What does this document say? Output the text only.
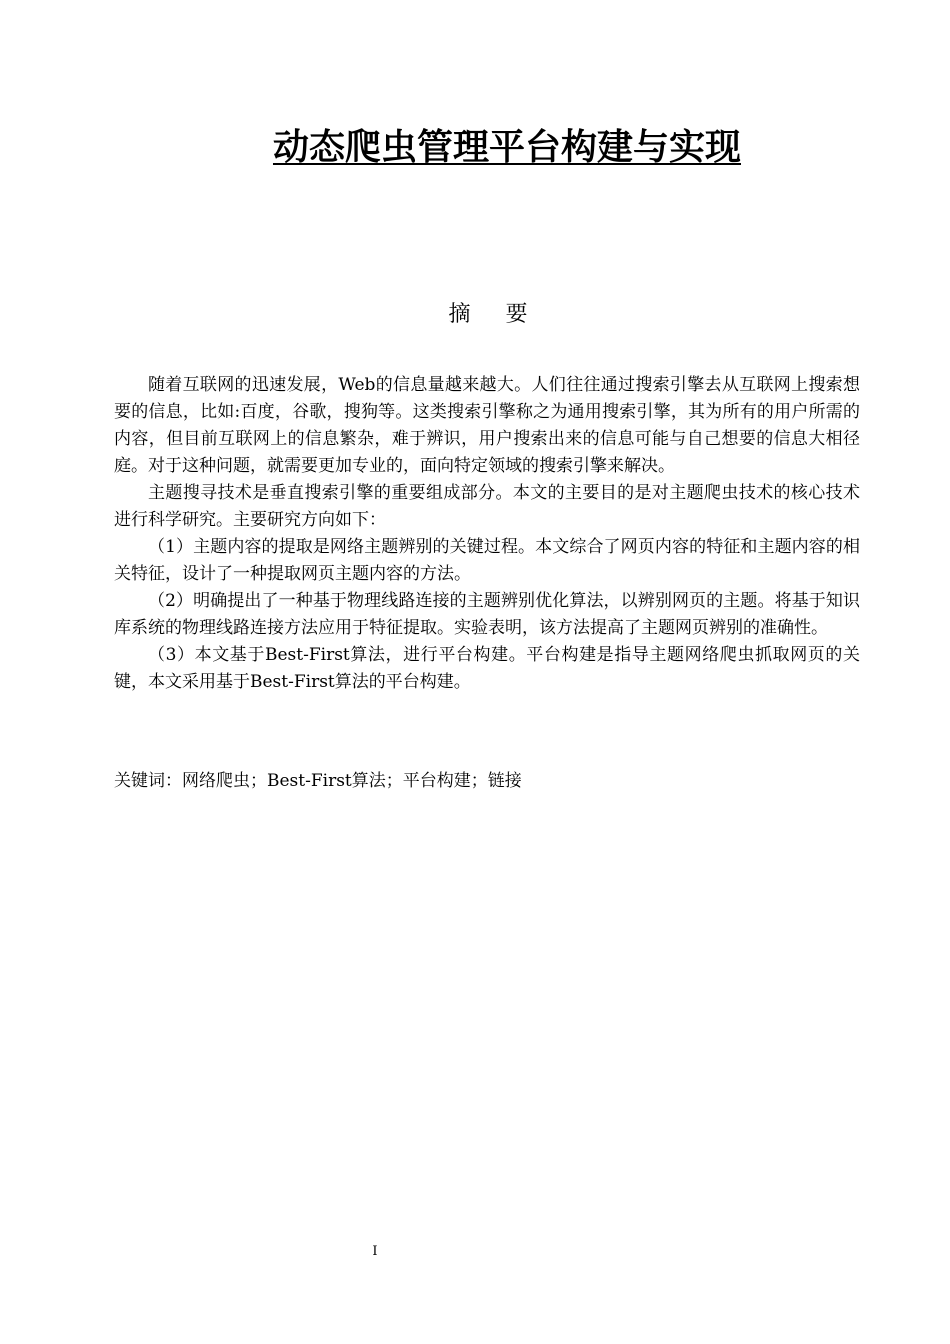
动态爬虫管理平台构建与实现
摘 要

随着互联网的迅速发展，Web的信息量越来越大。人们往往通过搜索引擎去从互联网上搜索想要的信息，比如:百度，谷歌，搜狗等。这类搜索引擎称之为通用搜索引擎，其为所有的用户所需的内容，但目前互联网上的信息繁杂，难于辨识，用户搜索出来的信息可能与自己想要的信息大相径庭。对于这种问题，就需要更加专业的，面向特定领域的搜索引擎来解决。

主题搜寻技术是垂直搜索引擎的重要组成部分。本文的主要目的是对主题爬虫技术的核心技术进行科学研究。主要研究方向如下：

（1）主题内容的提取是网络主题辨别的关键过程。本文综合了网页内容的特征和主题内容的相关特征，设计了一种提取网页主题内容的方法。

（2）明确提出了一种基于物理线路连接的主题辨别优化算法，以辨别网页的主题。将基于知识库系统的物理线路连接方法应用于特征提取。实验表明，该方法提高了主题网页辨别的准确性。

（3）本文基于Best-First算法，进行平台构建。平台构建是指导主题网络爬虫抓取网页的关键，本文采用基于Best-First算法的平台构建。

关键词：网络爬虫；Best-First算法；平台构建；链接

I
